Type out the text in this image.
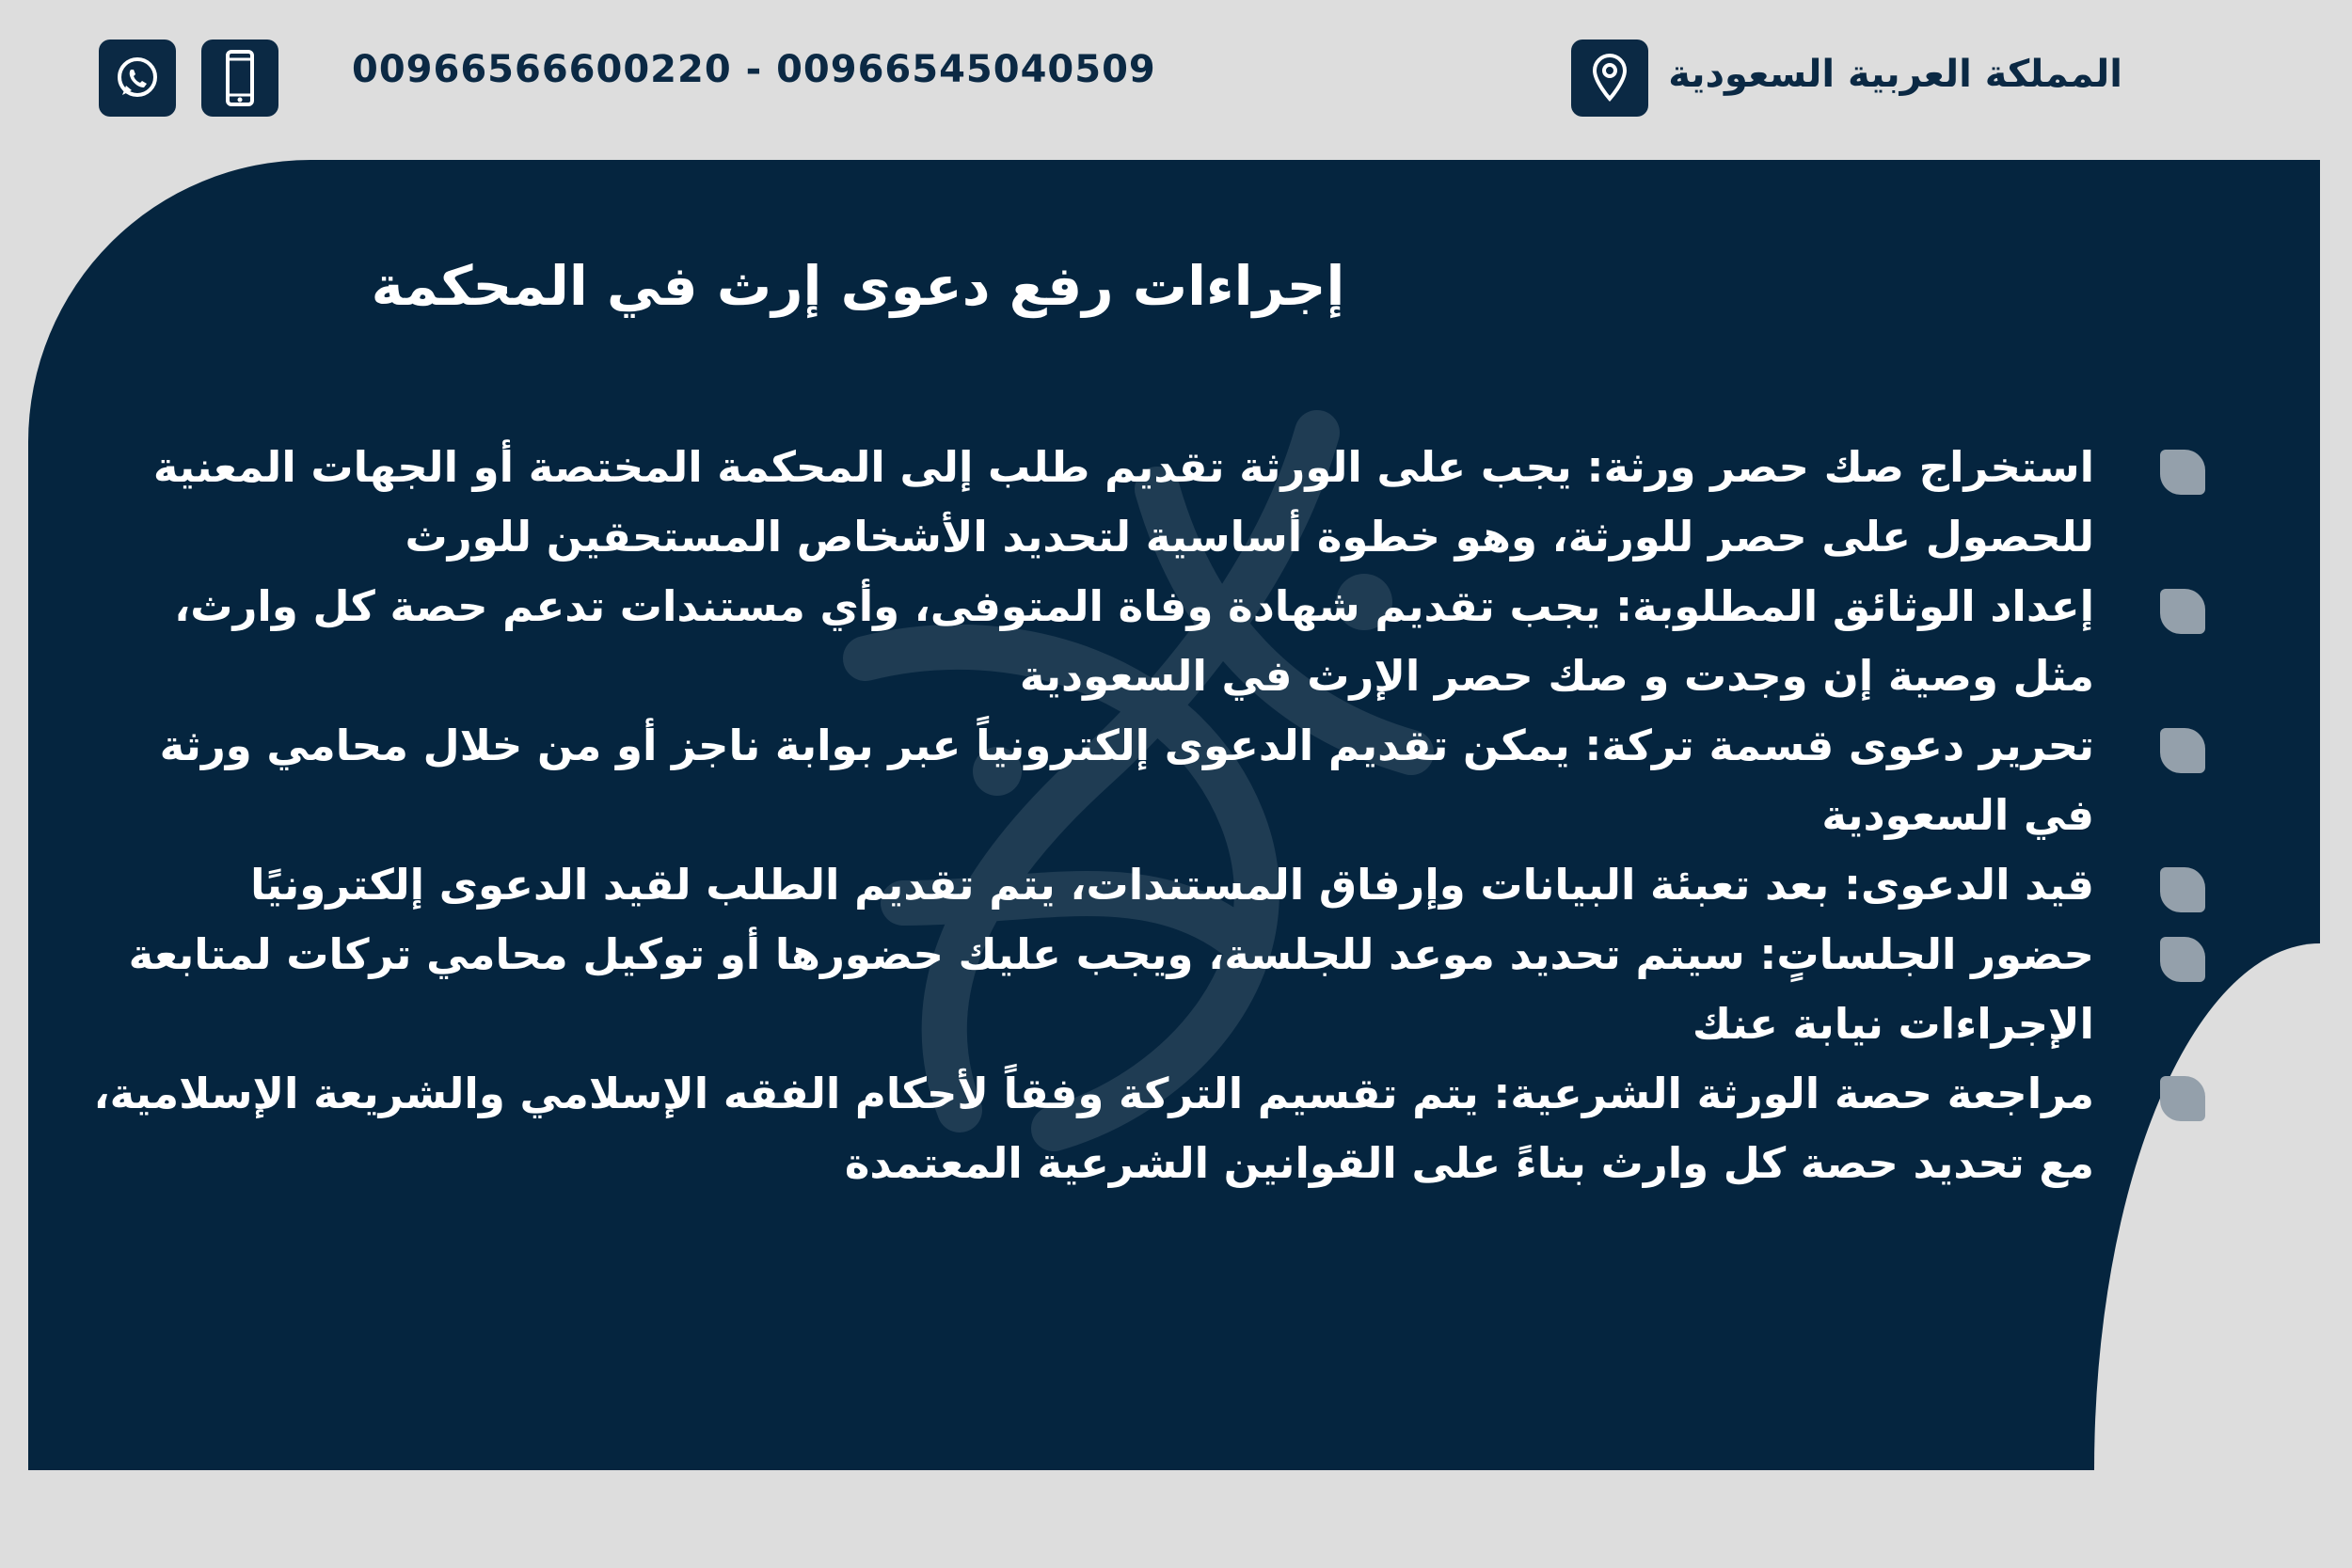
00966566600220 - 00966545040509	المملكة العربية السعودية
إجراءات رفع دعوى إرث في المحكمة
استخراج صك حصر ورثة: يجب على الورثة تقديم طلب إلى المحكمة المختصة أو الجهات المعنية للحصول على حصر للورثة، وهو خطوة أساسية لتحديد الأشخاص المستحقين للورث
إعداد الوثائق المطلوبة: يجب تقديم شهادة وفاة المتوفى، وأي مستندات تدعم حصة كل وارث، مثل وصية إن وجدت و صك حصر الإرث في السعودية
تحرير دعوى قسمة تركة: يمكن تقديم الدعوى إلكترونياً عبر بوابة ناجز أو من خلال محامي ورثة في السعودية
قيد الدعوى: بعد تعبئة البيانات وإرفاق المستندات، يتم تقديم الطلب لقيد الدعوى إلكترونيًا
حضور الجلساتٍ: سيتم تحديد موعد للجلسة، ويجب عليك حضورها أو توكيل محامي تركات لمتابعة الإجراءات نيابة عنك
مراجعة حصة الورثة الشرعية: يتم تقسيم التركة وفقاً لأحكام الفقه الإسلامي والشريعة الإسلامية، مع تحديد حصة كل وارث بناءً على القوانين الشرعية المعتمدة
